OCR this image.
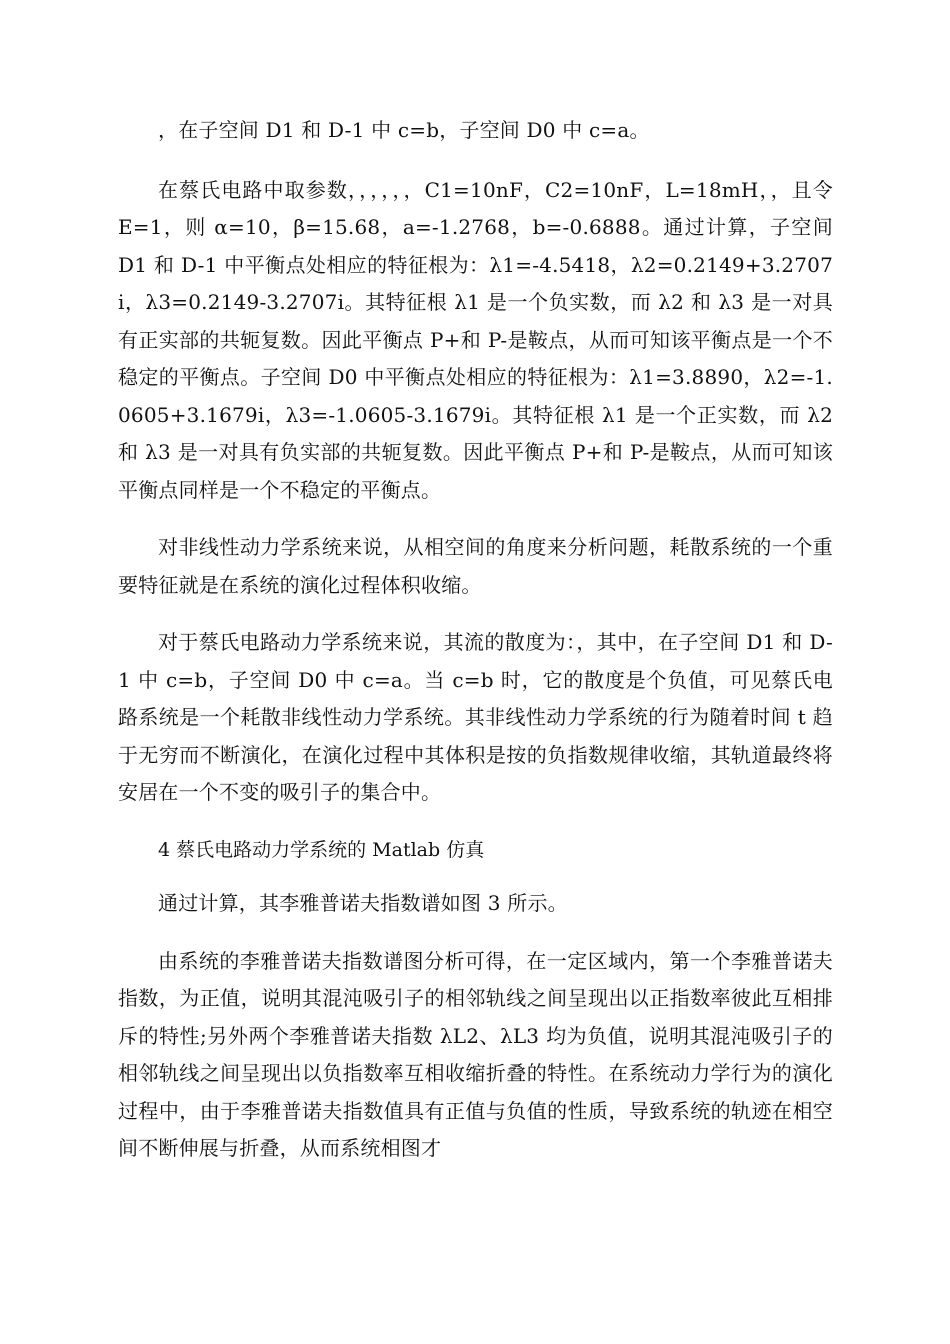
，在子空间 D1 和 D-1 中 c=b，子空间 D0 中 c=a。

在蔡氏电路中取参数，，，，，，C1=10nF，C2=10nF，L=18mH，，且令 E=1，则 α=10，β=15.68，a=-1.2768，b=-0.6888。通过计算，子空间 D1 和 D-1 中平衡点处相应的特征根为：λ1=-4.5418，λ2=0.2149+3.2707i，λ3=0.2149-3.2707i。其特征根 λ1 是一个负实数，而 λ2 和 λ3 是一对具有正实部的共轭复数。因此平衡点 P+和 P-是鞍点，从而可知该平衡点是一个不稳定的平衡点。子空间 D0 中平衡点处相应的特征根为：λ1=3.8890，λ2=-1.0605+3.1679i，λ3=-1.0605-3.1679i。其特征根 λ1 是一个正实数，而 λ2 和 λ3 是一对具有负实部的共轭复数。因此平衡点 P+和 P-是鞍点，从而可知该平衡点同样是一个不稳定的平衡点。

对非线性动力学系统来说，从相空间的角度来分析问题，耗散系统的一个重要特征就是在系统的演化过程体积收缩。

对于蔡氏电路动力学系统来说，其流的散度为：，其中，在子空间 D1 和 D-1 中 c=b，子空间 D0 中 c=a。当 c=b 时，它的散度是个负值，可见蔡氏电路系统是一个耗散非线性动力学系统。其非线性动力学系统的行为随着时间 t 趋于无穷而不断演化，在演化过程中其体积是按的负指数规律收缩，其轨道最终将安居在一个不变的吸引子的集合中。

4 蔡氏电路动力学系统的 Matlab 仿真

通过计算，其李雅普诺夫指数谱如图 3 所示。

由系统的李雅普诺夫指数谱图分析可得，在一定区域内，第一个李雅普诺夫指数，为正值，说明其混沌吸引子的相邻轨线之间呈现出以正指数率彼此互相排斥的特性;另外两个李雅普诺夫指数 λL2、λL3 均为负值，说明其混沌吸引子的相邻轨线之间呈现出以负指数率互相收缩折叠的特性。在系统动力学行为的演化过程中，由于李雅普诺夫指数值具有正值与负值的性质，导致系统的轨迹在相空间不断伸展与折叠，从而系统相图才
